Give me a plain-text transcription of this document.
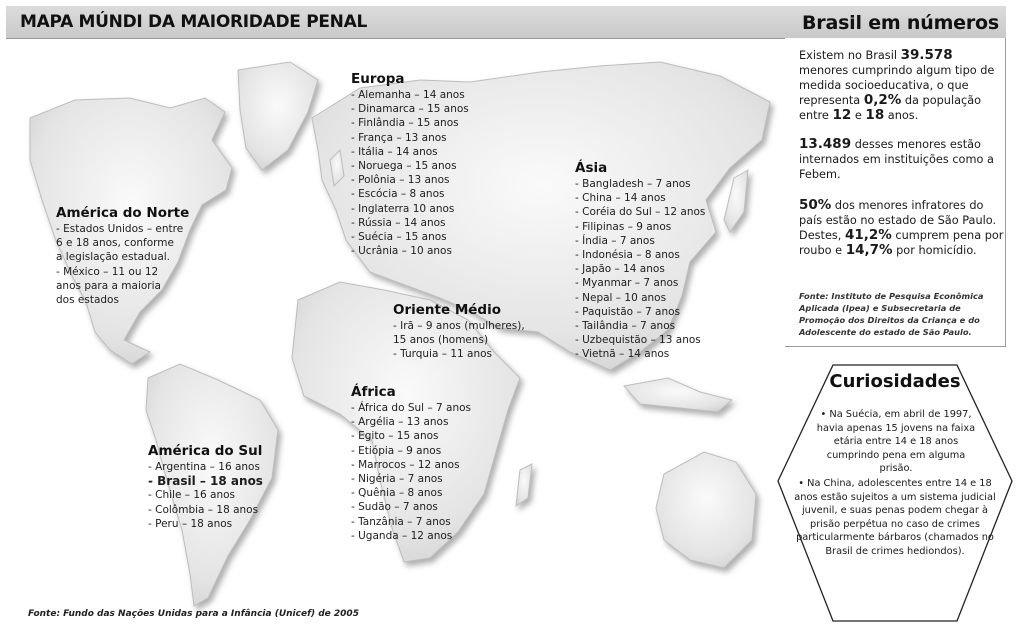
MAPA MÚNDI DA MAIORIDADE PENAL	Brasil em números
América do Norte
- Estados Unidos – entre
6 e 18 anos, conforme
a legislação estadual.
- México – 11 ou 12
anos para a maioria
dos estados
América do Sul
- Argentina – 16 anos
- Brasil – 18 anos
- Chile – 16 anos
- Colômbia – 18 anos
- Peru – 18 anos
Europa
- Alemanha – 14 anos
- Dinamarca – 15 anos
- Finlândia – 15 anos
- França – 13 anos
- Itália – 14 anos
- Noruega – 15 anos
- Polônia – 13 anos
- Escócia – 8 anos
- Inglaterra 10 anos
- Rússia – 14 anos
- Suécia – 15 anos
- Ucrânia – 10 anos
Oriente Médio
- Irã – 9 anos (mulheres),
15 anos (homens)
- Turquia – 11 anos
África
- África do Sul – 7 anos
- Argélia – 13 anos
- Egito – 15 anos
- Etiópia – 9 anos
- Marrocos – 12 anos
- Nigéria – 7 anos
- Quênia – 8 anos
- Sudão – 7 anos
- Tanzânia – 7 anos
- Uganda – 12 anos
Ásia
- Bangladesh – 7 anos
- China – 14 anos
- Coréia do Sul – 12 anos
- Filipinas – 9 anos
- Índia – 7 anos
- Indonésia – 8 anos
- Japão – 14 anos
- Myanmar – 7 anos
- Nepal – 10 anos
- Paquistão – 7 anos
- Tailândia – 7 anos
- Uzbequistão – 13 anos
- Vietnã – 14 anos
Existem no Brasil 39.578 menores cumprindo algum tipo de medida socioeducativa, o que representa 0,2% da população entre 12 e 18 anos.
13.489 desses menores estão internados em instituições como a Febem.
50% dos menores infratores do país estão no estado de São Paulo. Destes, 41,2% cumprem pena por roubo e 14,7% por homicídio.
Fonte: Instituto de Pesquisa Econômica Aplicada (Ipea) e Subsecretaria de Promoção dos Direitos da Criança e do Adolescente do estado de São Paulo.
Curiosidades
• Na Suécia, em abril de 1997, havia apenas 15 jovens na faixa etária entre 14 e 18 anos cumprindo pena em alguma prisão.
• Na China, adolescentes entre 14 e 18 anos estão sujeitos a um sistema judicial juvenil, e suas penas podem chegar à prisão perpétua no caso de crimes particularmente bárbaros (chamados no Brasil de crimes hediondos).
Fonte: Fundo das Nações Unidas para a Infância (Unicef) de 2005
